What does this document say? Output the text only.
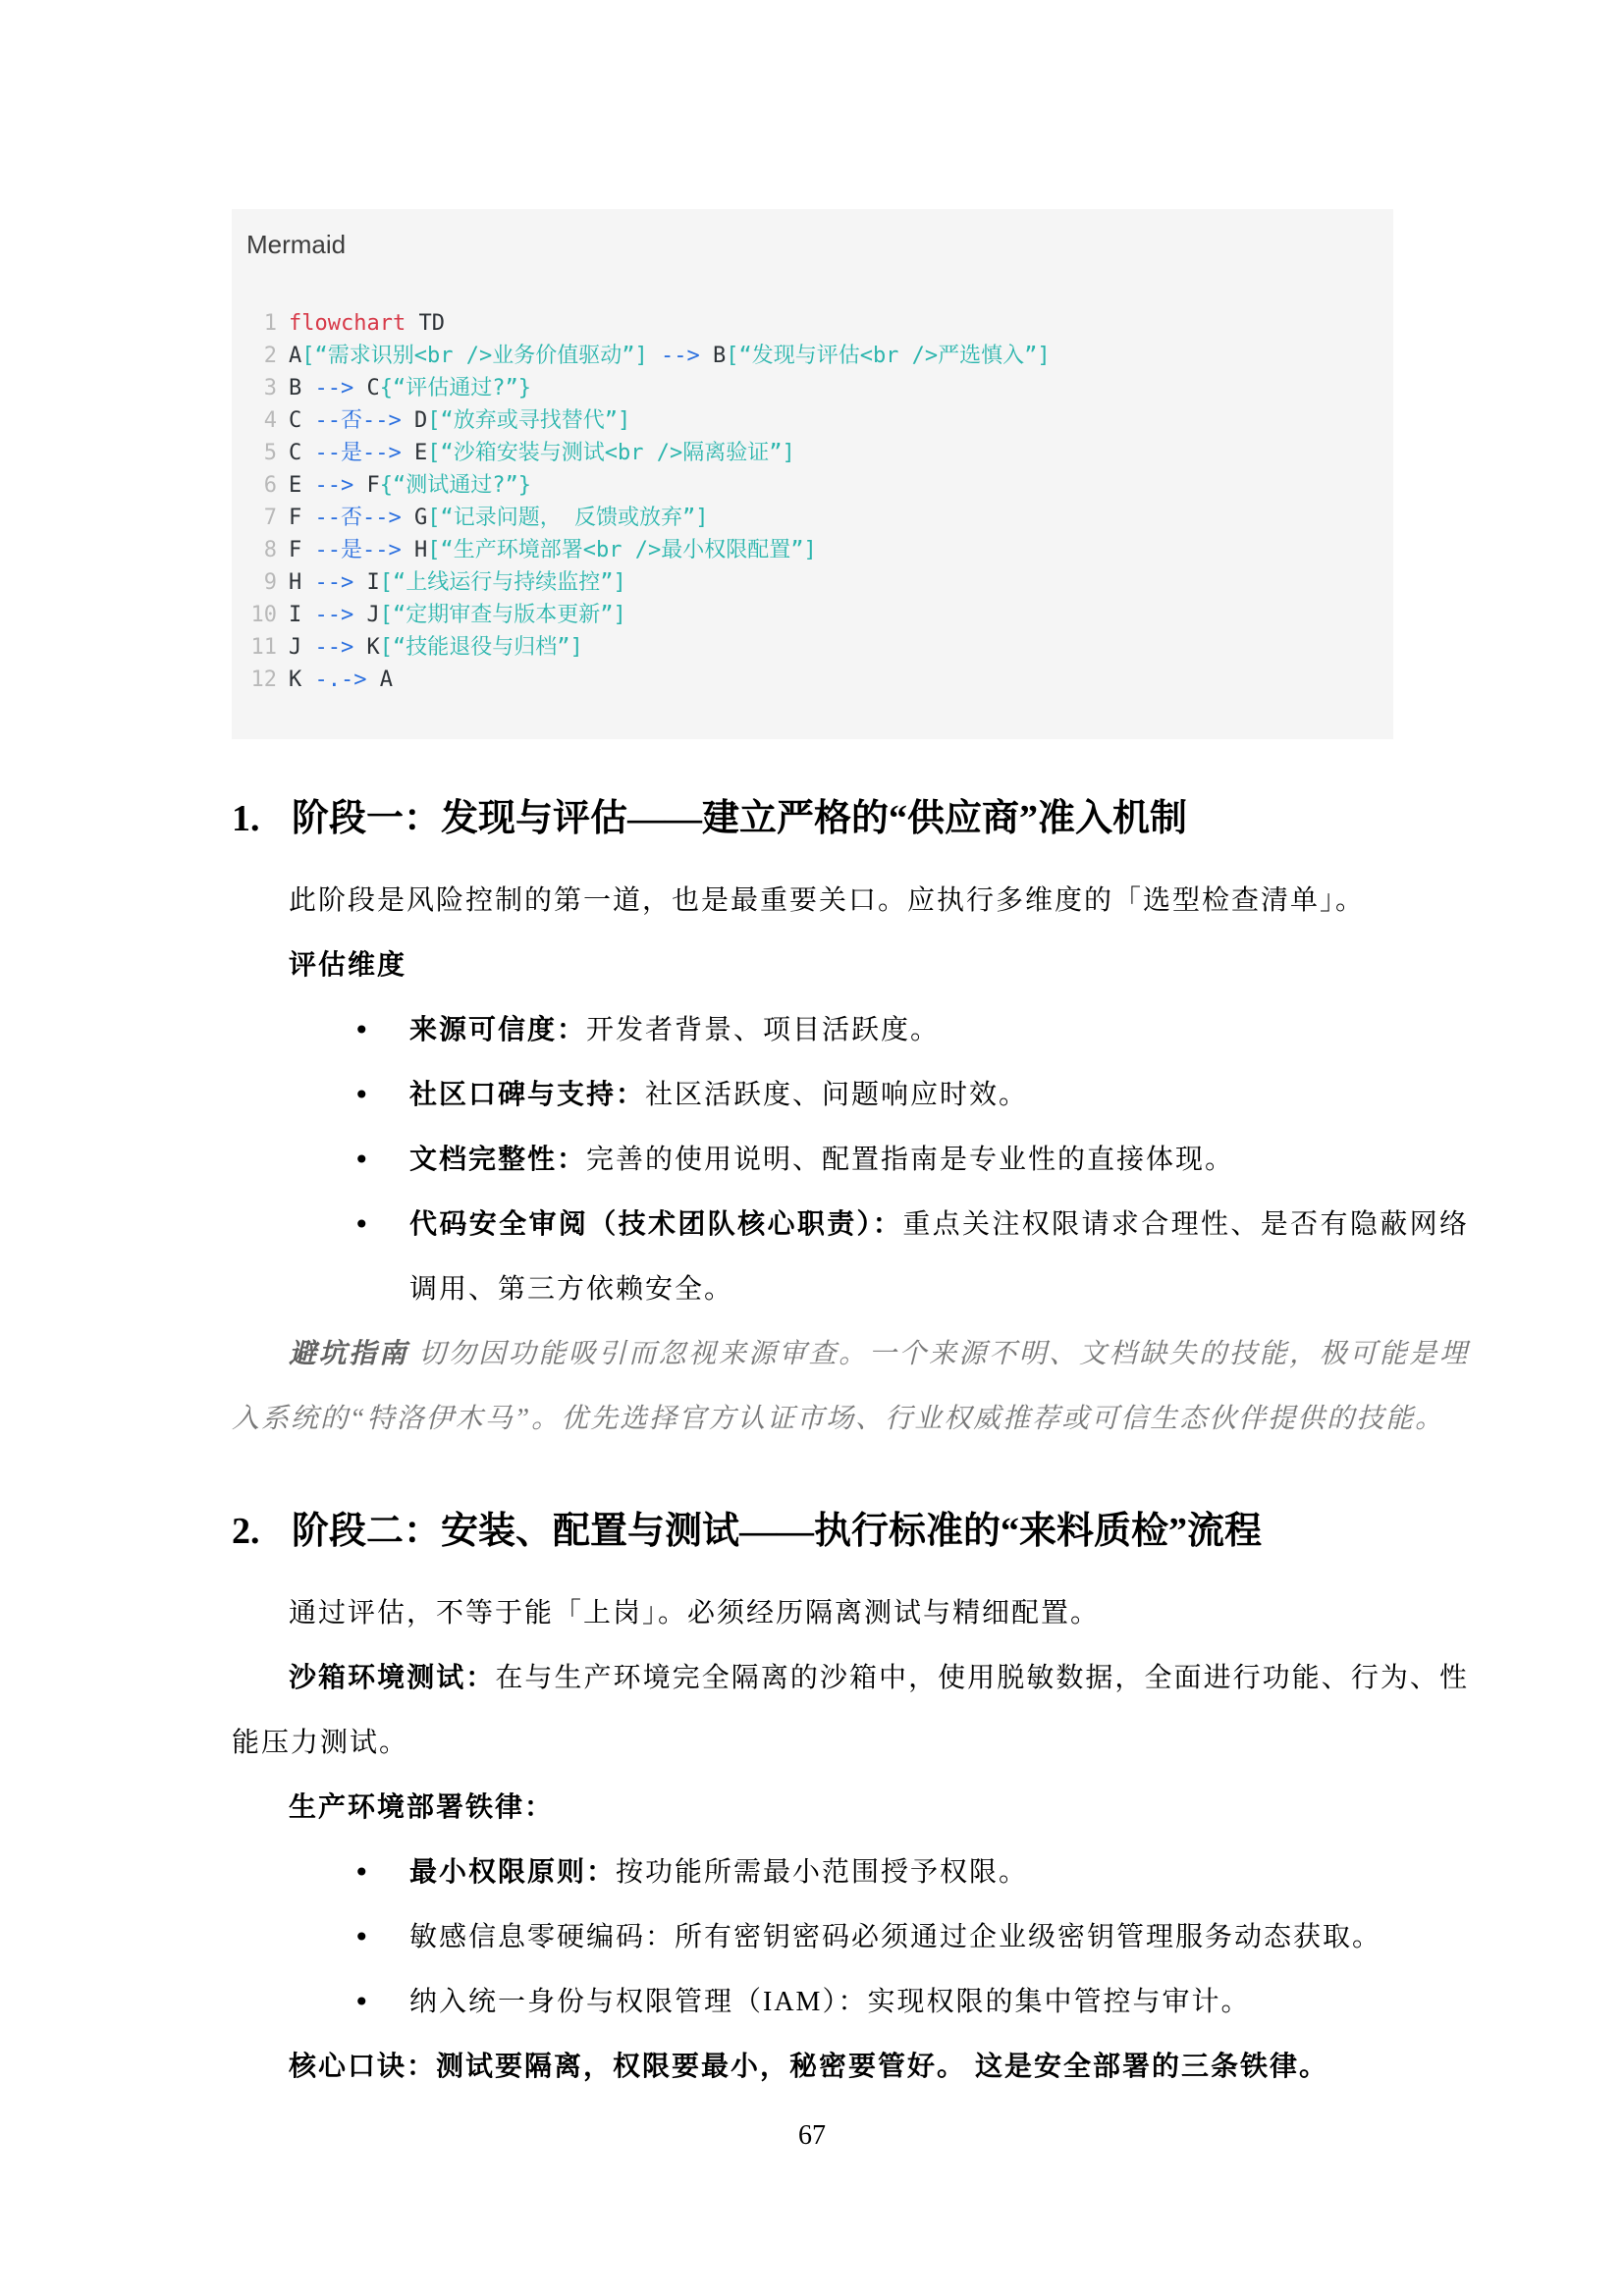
Mermaid
1 flowchart TD
2 A[“需求识别<br />业务价值驱动”] --> B[“发现与评估<br />严选慎入”]
3 B --> C{“评估通过?”}
4 C --否--> D[“放弃或寻找替代”]
5 C --是--> E[“沙箱安装与测试<br />隔离验证”]
6 E --> F{“测试通过?”}
7 F --否--> G[“记录问题， 反馈或放弃”]
8 F --是--> H[“生产环境部署<br />最小权限配置”]
9 H --> I[“上线运行与持续监控”]
10 I --> J[“定期审查与版本更新”]
11 J --> K[“技能退役与归档”]
12 K -.-> A
1. 阶段一：发现与评估——建立严格的“供应商”准入机制

此阶段是风险控制的第一道，也是最重要关口。应执行多维度的「选型检查清单」。

评估维度

•	来源可信度：开发者背景、项目活跃度。
•	社区口碑与支持：社区活跃度、问题响应时效。
•	文档完整性：完善的使用说明、配置指南是专业性的直接体现。
•	代码安全审阅（技术团队核心职责）：重点关注权限请求合理性、是否有隐蔽网络调用、第三方依赖安全。

避坑指南 切勿因功能吸引而忽视来源审查。一个来源不明、文档缺失的技能，极可能是埋入系统的“特洛伊木马”。优先选择官方认证市场、行业权威推荐或可信生态伙伴提供的技能。

2. 阶段二：安装、配置与测试——执行标准的“来料质检”流程

通过评估，不等于能「上岗」。必须经历隔离测试与精细配置。

沙箱环境测试：在与生产环境完全隔离的沙箱中，使用脱敏数据，全面进行功能、行为、性能压力测试。

生产环境部署铁律：

•	最小权限原则：按功能所需最小范围授予权限。
•	敏感信息零硬编码：所有密钥密码必须通过企业级密钥管理服务动态获取。
•	纳入统一身份与权限管理（IAM）：实现权限的集中管控与审计。

核心口诀：测试要隔离，权限要最小，秘密要管好。 这是安全部署的三条铁律。

67
